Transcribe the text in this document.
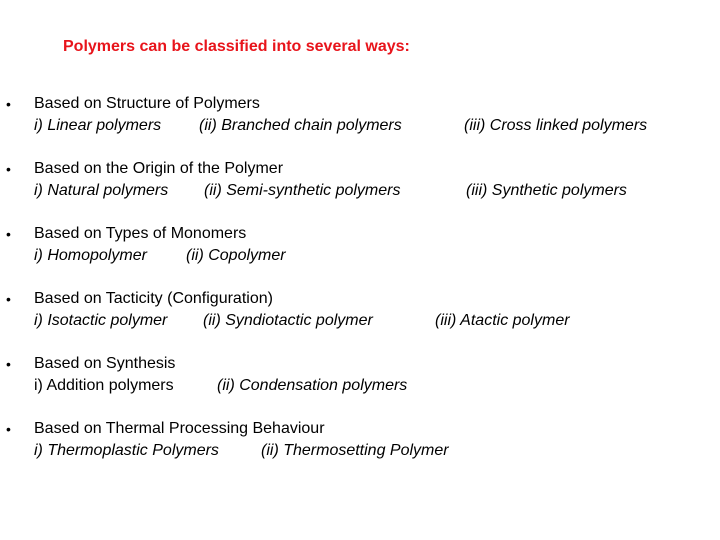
Polymers can be classified into several ways:
• Based on Structure of Polymers
i) Linear polymers (ii) Branched chain polymers	(iii) Cross linked polymers
• Based on the Origin of the Polymer
i) Natural polymers (ii) Semi-synthetic polymers	(iii) Synthetic polymers
• Based on Types of Monomers
i) Homopolymer (ii) Copolymer
• Based on Tacticity (Configuration)
i) Isotactic polymer (ii) Syndiotactic polymer	(iii) Atactic polymer
• Based on Synthesis
i) Addition polymers	(ii) Condensation polymers
• Based on Thermal Processing Behaviour
i) Thermoplastic Polymers	(ii) Thermosetting Polymer
